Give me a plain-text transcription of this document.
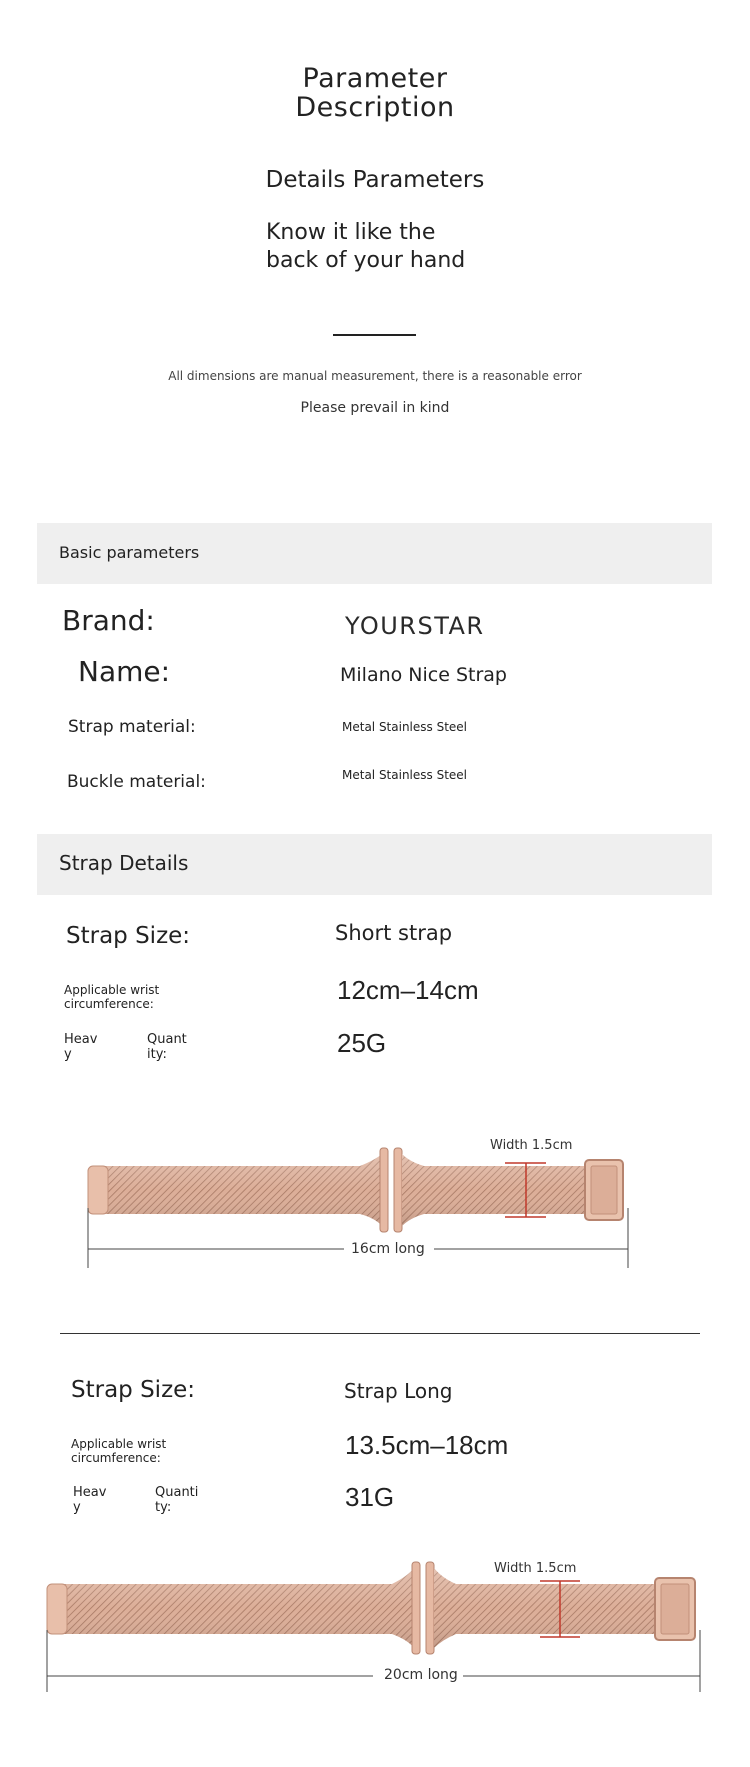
Parameter
Description
Details Parameters
Know it like the
back of your hand
All dimensions are manual measurement, there is a reasonable error
Please prevail in kind
Basic parameters
Brand:	YOURSTAR
Name:	Milano Nice Strap
Strap material:	Metal Stainless Steel
Buckle material:	Metal Stainless Steel
Strap Details
Strap Size:	Short strap
Applicable wrist
circumference:	12cm–14cm
Heav
y
Quant
ity:	25G
Width 1.5cm
16cm long
Strap Size:	Strap Long
Applicable wrist
circumference:	13.5cm–18cm
Heav
y
Quanti
ty:	31G
Width 1.5cm
20cm long
